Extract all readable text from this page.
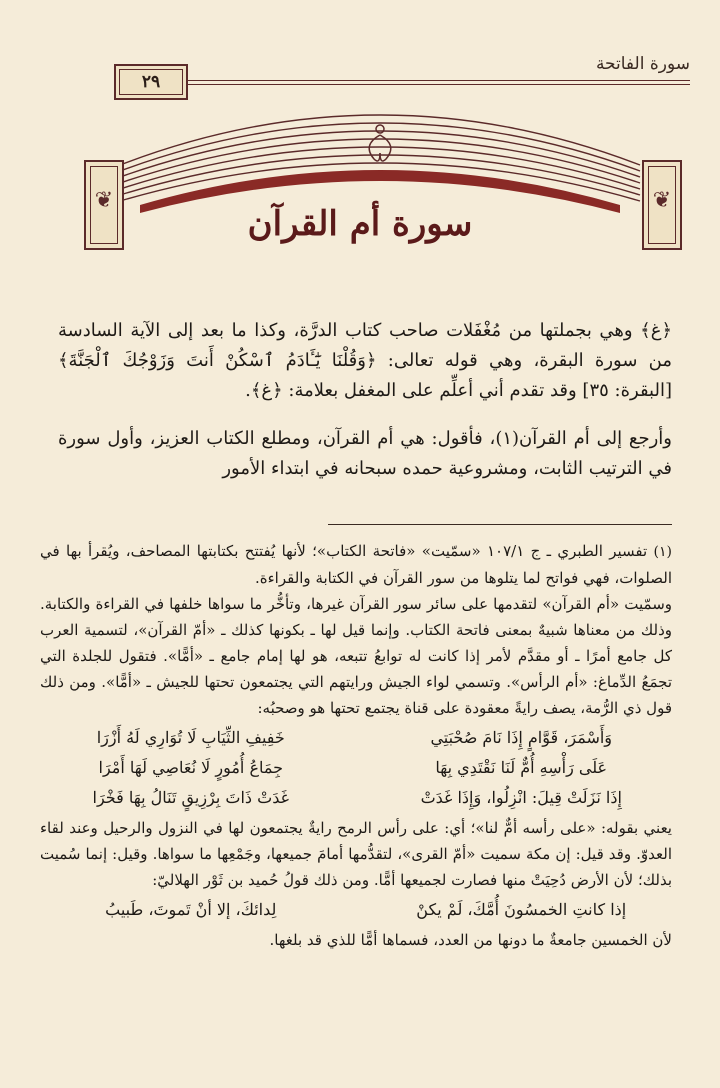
سورة الفاتحة
٢٩
❦	❦
سورة أم القرآن

﴿غ﴾ وهي بجملتها من مُغْفَلات صاحب كتاب الدرَّة، وكذا ما بعد إلى الآية السادسة من سورة البقرة، وهي قوله تعالى: ﴿وَقُلْنَا يَٰٓـَٔادَمُ ٱسْكُنْ أَنتَ وَزَوْجُكَ ٱلْجَنَّةَ﴾ [البقرة: ٣٥] وقد تقدم أني أعلِّم على المغفل بعلامة: ﴿غ﴾.

وأرجع إلى أم القرآن(١)، فأقول: هي أم القرآن، ومطلع الكتاب العزيز، وأول سورة في الترتيب الثابت، ومشروعية حمده سبحانه في ابتداء الأمور

(١) تفسير الطبري ـ ج ١٠٧/١ «سمّيت» «فاتحة الكتاب»؛ لأنها يُفتتح بكتابتها المصاحف، ويُقرأ بها في الصلوات، فهي فواتح لما يتلوها من سور القرآن في الكتابة والقراءة.

وسمّيت «أم القرآن» لتقدمها على سائر سور القرآن غيرها، وتأخُّر ما سواها خلفها في القراءة والكتابة. وذلك من معناها شبيهٌ بمعنى فاتحة الكتاب. وإنما قيل لها ـ بكونها كذلك ـ «أمّ القرآن»، لتسمية العرب كل جامع أمرًا ـ أو مقدَّم لأمر إذا كانت له توابعُ تتبعه، هو لها إمام جامع ـ «أمًّا». فتقول للجلدة التي تجمَعُ الدِّماغ: «أم الرأس». وتسمي لواء الجيش ورايتهم التي يجتمعون تحتها للجيش ـ «أمًّا». ومن ذلك قول ذي الرُّمة، يصف رايةً معقودة على قناة يجتمع تحتها هو وصحبُه:

وَأَسْمَرَ، قَوَّامٍ إِذَا نَامَ صُحْبَتِي
خَفِيفِ الثِّيَابِ لَا تُوَارِي لَهُ أَزْرَا
عَلَى رَأْسِهِ أُمٌّ لَنَا نَقْتَدِي بِهَا
جِمَاعُ أُمُورٍ لَا نُعَاصِي لَهَا أَمْرَا
إِذَا نَزَلَتْ قِيلَ: انْزِلُوا، وَإِذَا غَدَتْ
غَدَتْ ذَاتَ بِرْزِيقٍ تَنَالُ بِهَا فَخْرَا

يعني بقوله: «على رأسه أمٌّ لنا»؛ أي: على رأس الرمح رايةٌ يجتمعون لها في النزول والرحيل وعند لقاء العدوّ. وقد قيل: إن مكة سميت «أمّ القرى»، لتقدُّمها أمامَ جميعها، وجَمْعِها ما سواها. وقيل: إنما سُميت بذلك؛ لأن الأرض دُحِيَتْ منها فصارت لجميعها أمًّا. ومن ذلك قولُ حُميد بن ثَوْر الهلاليّ:

إذا كانتِ الخمسُونَ أُمَّكَ، لَمْ يكنْ
لِدائكَ، إلا أنْ تَموتَ، طَبيبُ

لأن الخمسين جامعةٌ ما دونها من العدد، فسماها أمًّا للذي قد بلغها.
